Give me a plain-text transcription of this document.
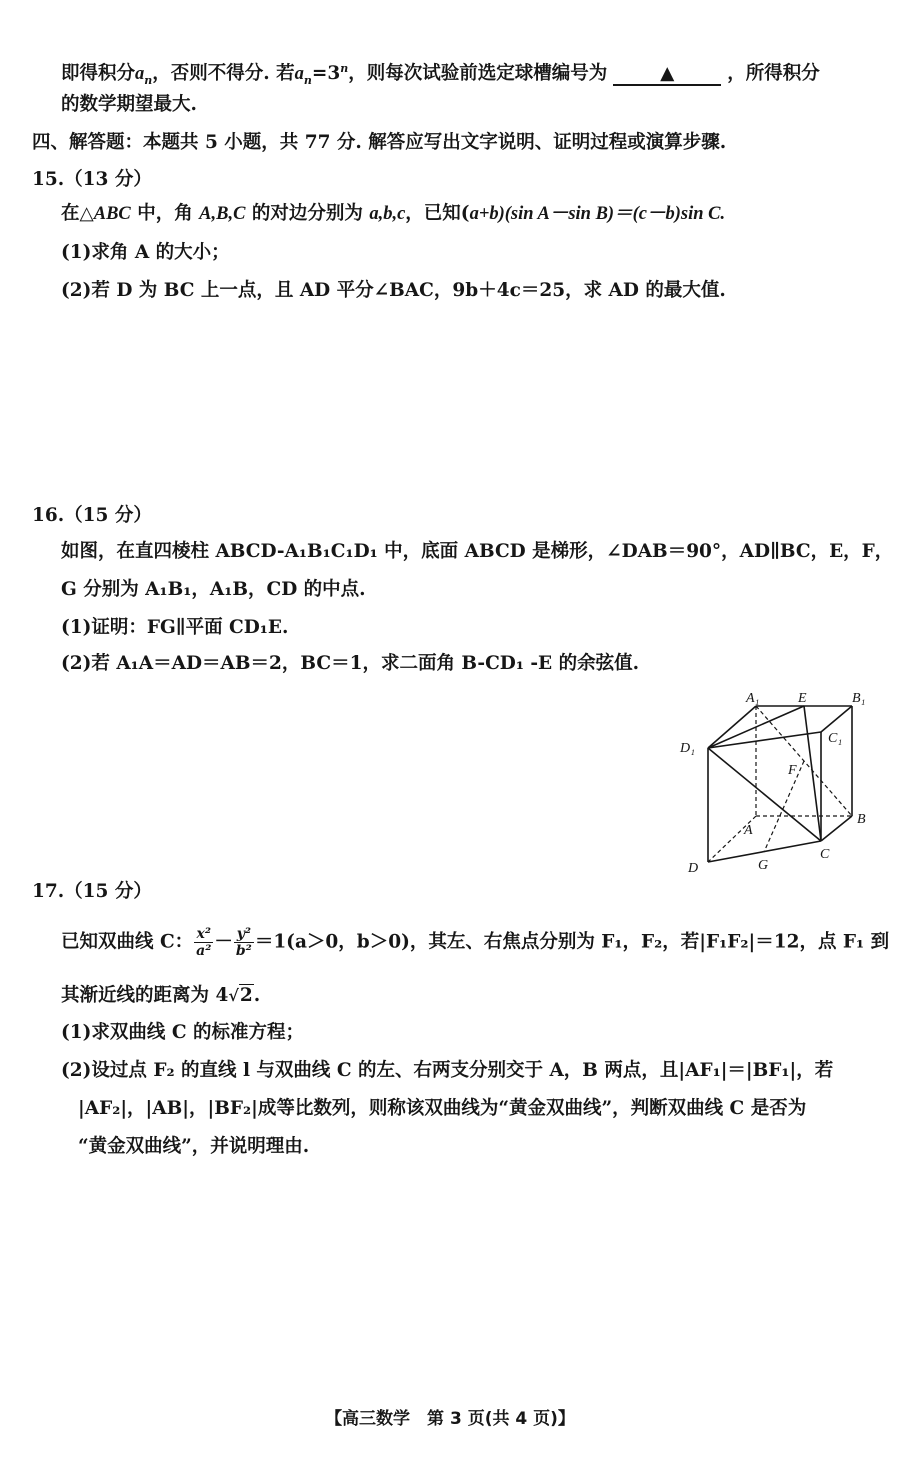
即得积分$a_n$，否则不得分. 若$a_n=3^n$，则每次试验前选定球槽编号为	▲	，所得积分
的数学期望最大.
四、解答题：本题共 5 小题，共 77 分. 解答应写出文字说明、证明过程或演算步骤.
15.（13 分）
在△ABC 中，角 A,B,C 的对边分别为 a,b,c，已知(a+b)(sin A－sin B)＝(c－b)sin C.
(1)求角 A 的大小；
(2)若 D 为 BC 上一点，且 AD 平分∠BAC，9b＋4c＝25，求 AD 的最大值.
16.（15 分）
如图，在直四棱柱 ABCD-A₁B₁C₁D₁ 中，底面 ABCD 是梯形，∠DAB＝90°，AD∥BC，E，F，
G 分别为 A₁B₁，A₁B，CD 的中点.
(1)证明：FG∥平面 CD₁E.
(2)若 A₁A＝AD＝AB＝2，BC＝1，求二面角 B-CD₁ -E 的余弦值.
A₁	E	B₁
C₁
D₁
F
A
B
C
D	G
17.（15 分）
已知双曲线 C： $\frac{\text{x²}}{\text{a²}} - \frac{\text{y²}}{\text{b²}} =1(a>0$，b＞0)，其左、右焦点分别为 F₁，F₂，若|F₁F₂|＝12，点 F₁ 到
其渐近线的距离为 4√2.
(1)求双曲线 C 的标准方程；
(2)设过点 F₂ 的直线 l 与双曲线 C 的左、右两支分别交于 A，B 两点，且|AF₁|＝|BF₁|，若
|AF₂|，|AB|，|BF₂|成等比数列，则称该双曲线为“黄金双曲线”，判断双曲线 C 是否为
“黄金双曲线”，并说明理由.
【高三数学　第 3 页(共 4 页)】
